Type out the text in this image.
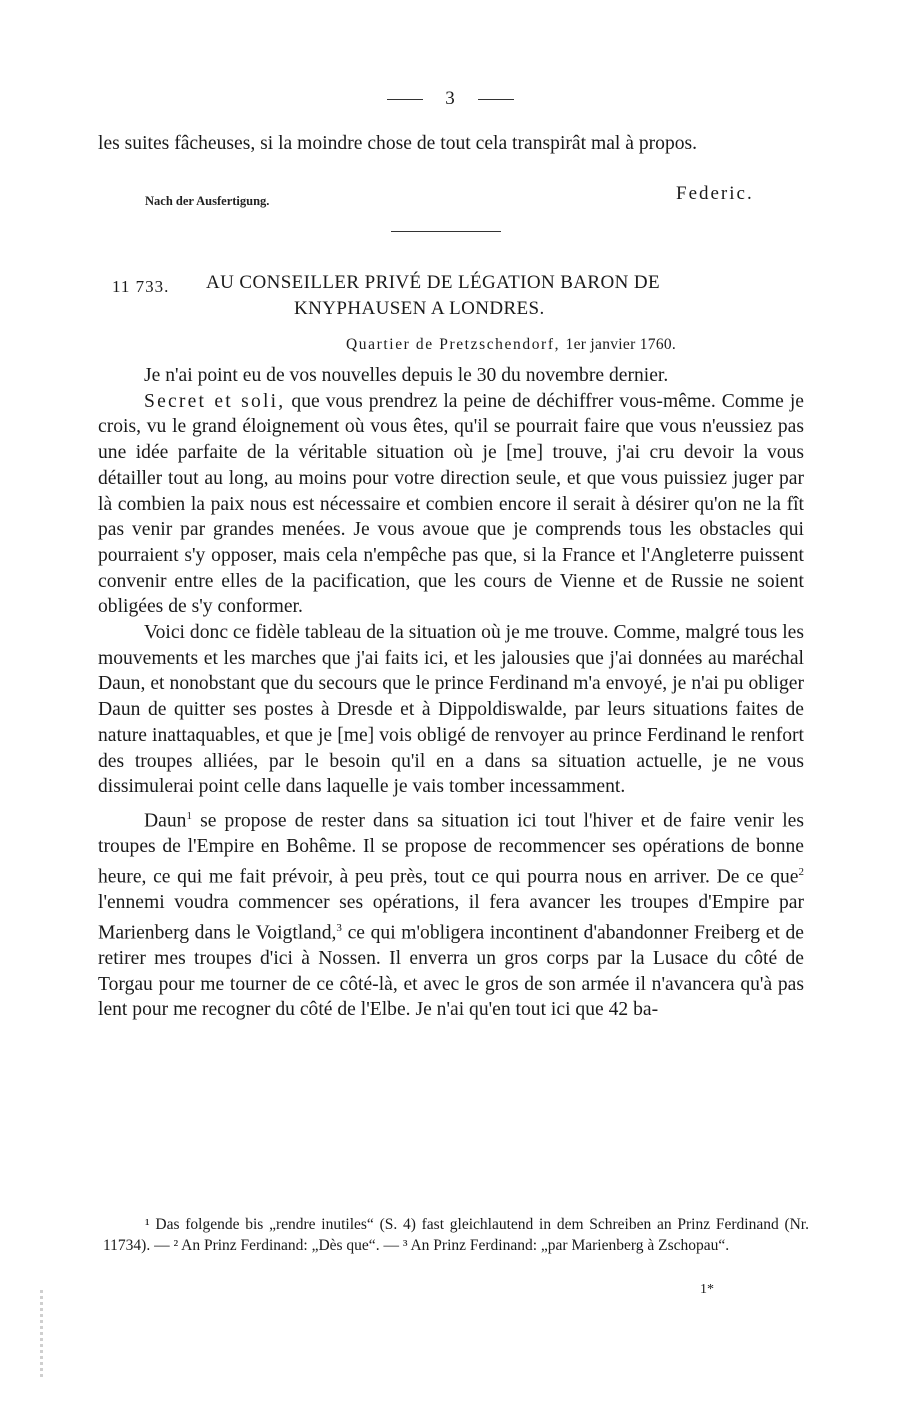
3

les suites fâcheuses, si la moindre chose de tout cela transpirât mal à propos.

Nach der Ausfertigung.	Federic.
11 733. AU CONSEILLER PRIVÉ DE LÉGATION BARON DE
KNYPHAUSEN A LONDRES.
Quartier de Pretzschendorf, 1er janvier 1760.

Je n'ai point eu de vos nouvelles depuis le 30 du novembre dernier.

Secret et soli, que vous prendrez la peine de déchiffrer vous-même. Comme je crois, vu le grand éloignement où vous êtes, qu'il se pourrait faire que vous n'eussiez pas une idée parfaite de la véritable situation où je [me] trouve, j'ai cru devoir la vous détailler tout au long, au moins pour votre direction seule, et que vous puissiez juger par là combien la paix nous est nécessaire et combien encore il serait à désirer qu'on ne la fît pas venir par grandes menées. Je vous avoue que je comprends tous les obstacles qui pourraient s'y opposer, mais cela n'empêche pas que, si la France et l'Angleterre puissent convenir entre elles de la pacification, que les cours de Vienne et de Russie ne soient obligées de s'y conformer.

Voici donc ce fidèle tableau de la situation où je me trouve. Comme, malgré tous les mouvements et les marches que j'ai faits ici, et les jalousies que j'ai données au maréchal Daun, et nonobstant que du secours que le prince Ferdinand m'a envoyé, je n'ai pu obliger Daun de quitter ses postes à Dresde et à Dippoldiswalde, par leurs situations faites de nature inattaquables, et que je [me] vois obligé de renvoyer au prince Ferdinand le renfort des troupes alliées, par le besoin qu'il en a dans sa situation actuelle, je ne vous dissimulerai point celle dans laquelle je vais tomber incessamment.

Daun$^1$ se propose de rester dans sa situation ici tout l'hiver et de faire venir les troupes de l'Empire en Bohême. Il se propose de recommencer ses opérations de bonne heure, ce qui me fait prévoir, à peu près, tout ce qui pourra nous en arriver. De ce que$^2$ l'ennemi voudra commencer ses opérations, il fera avancer les troupes d'Empire par Marienberg dans le Voigtland,$^3$ ce qui m'obligera incontinent d'abandonner Freiberg et de retirer mes troupes d'ici à Nossen. Il enverra un gros corps par la Lusace du côté de Torgau pour me tourner de ce côté-là, et avec le gros de son armée il n'avancera qu'à pas lent pour me recogner du côté de l'Elbe. Je n'ai qu'en tout ici que 42 ba-

¹ Das folgende bis „rendre inutiles“ (S. 4) fast gleichlautend in dem Schreiben an Prinz Ferdinand (Nr. 11734). — ² An Prinz Ferdinand: „Dès que“. — ³ An Prinz Ferdinand: „par Marienberg à Zschopau“.

1*
